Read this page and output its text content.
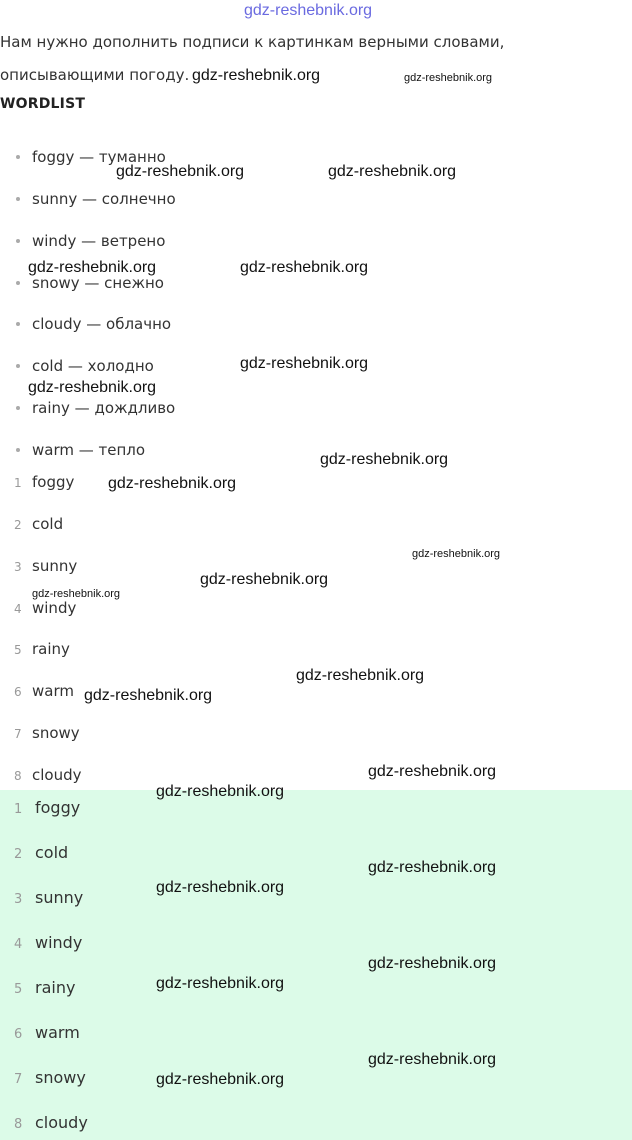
gdz-reshebnik.org
Нам нужно дополнить подписи к картинкам верными словами,
описывающими погоду.
WORDLIST
foggy — туманно
sunny — солнечно
windy — ветрено
snowy — снежно
cloudy — облачно
cold — холодно
rainy — дождливо
warm — тепло
1 foggy
2 cold
3 sunny
4 windy
5 rainy
6 warm
7 snowy
8 cloudy
1 foggy
2 cold
3 sunny
4 windy
5 rainy
6 warm
7 snowy
8 cloudy
gdz-reshebnik.org	gdz-reshebnik.org
gdz-reshebnik.org	gdz-reshebnik.org
gdz-reshebnik.org	gdz-reshebnik.org
gdz-reshebnik.org
gdz-reshebnik.org
gdz-reshebnik.org
gdz-reshebnik.org
gdz-reshebnik.org
gdz-reshebnik.org
gdz-reshebnik.org
gdz-reshebnik.org
gdz-reshebnik.org
gdz-reshebnik.org
gdz-reshebnik.org
gdz-reshebnik.org
gdz-reshebnik.org
gdz-reshebnik.org
gdz-reshebnik.org
gdz-reshebnik.org
gdz-reshebnik.org
